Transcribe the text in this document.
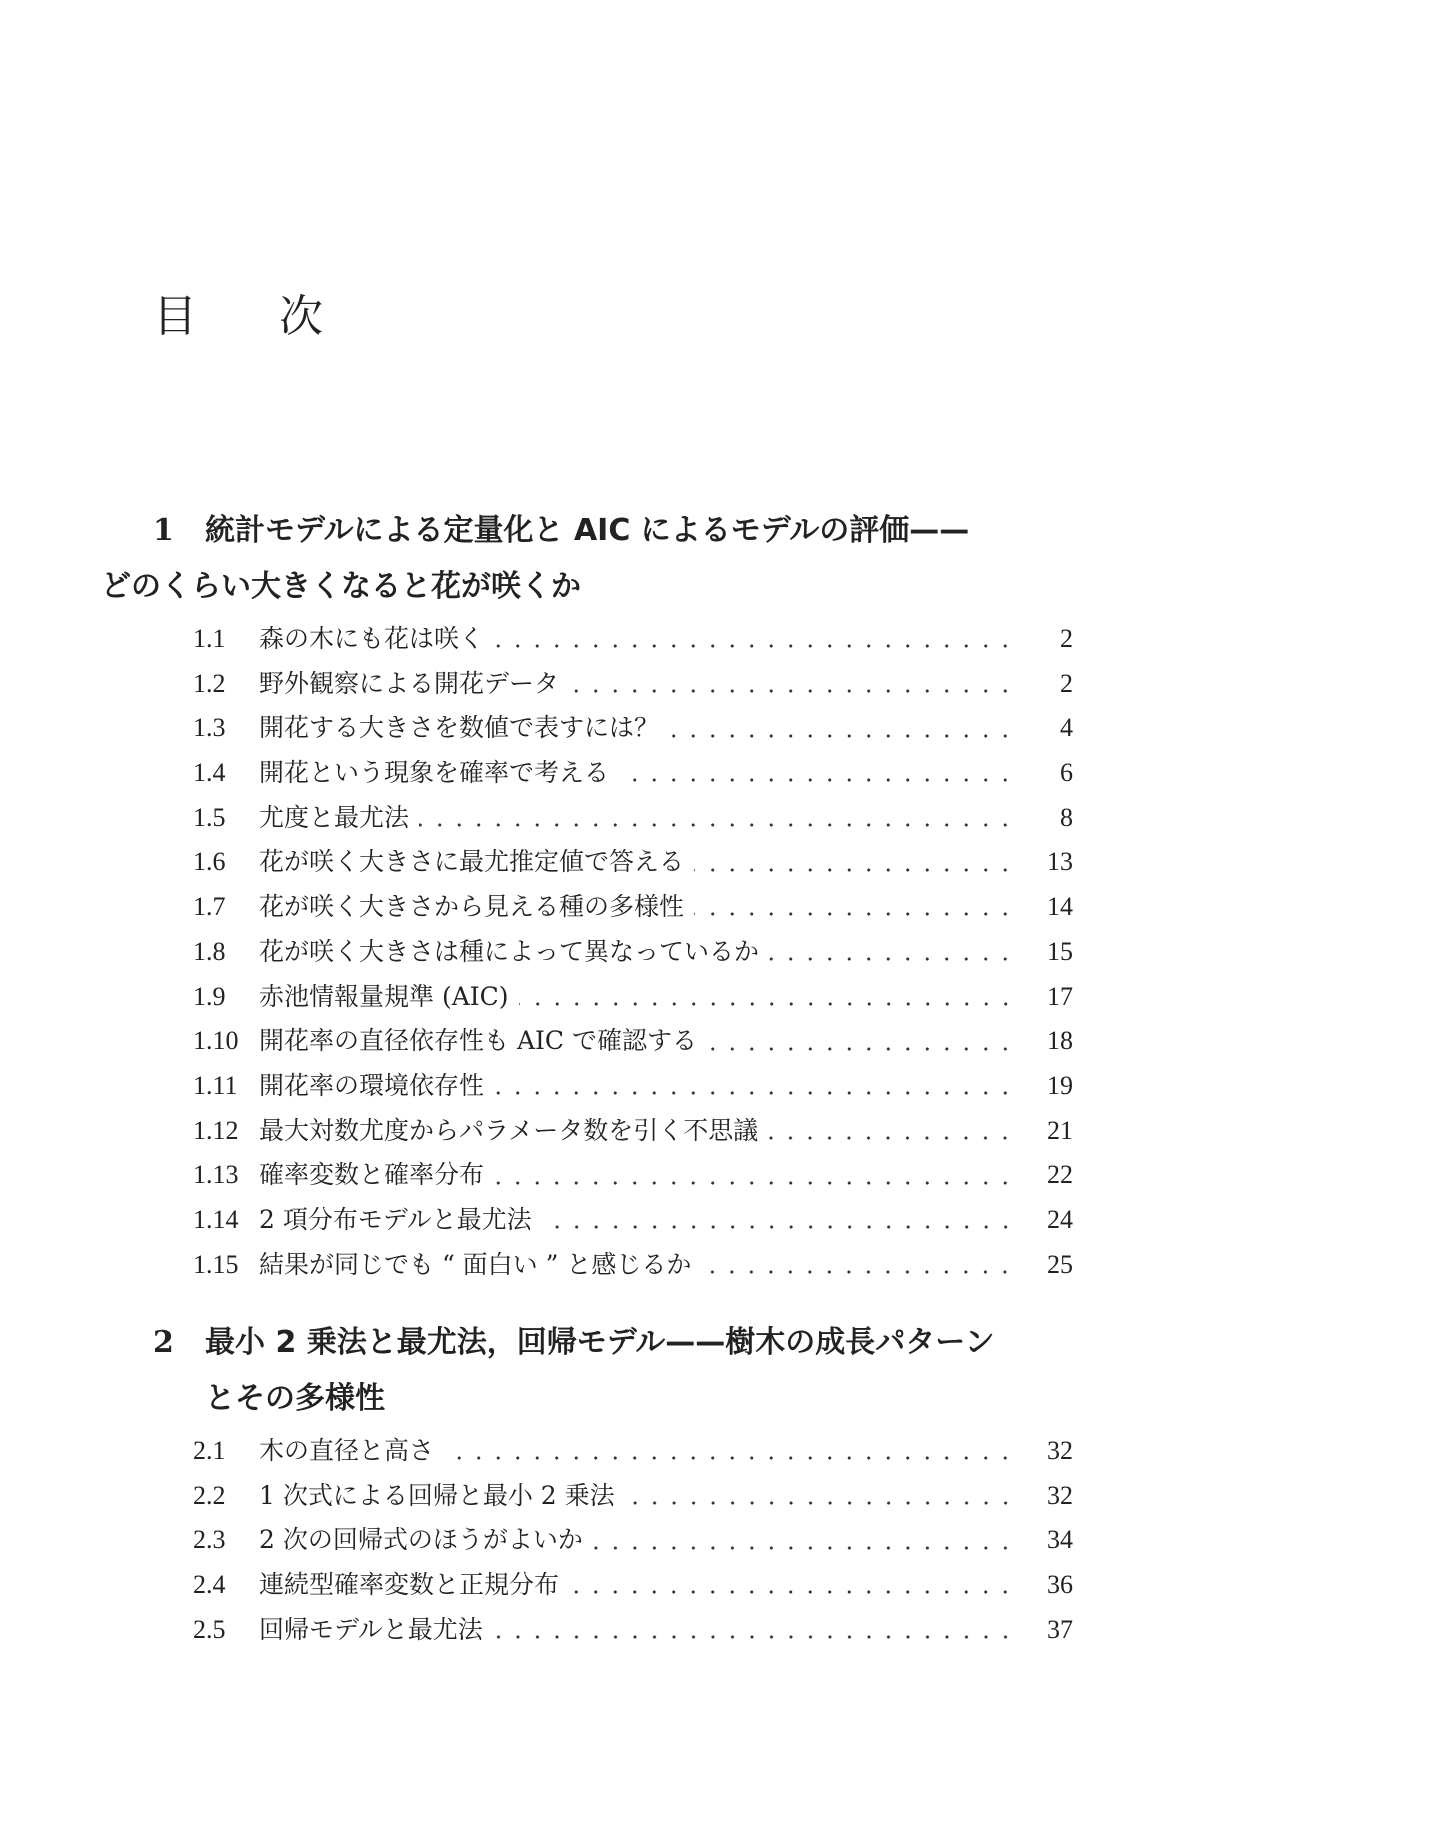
目 次
1 統計モデルによる定量化と AIC によるモデルの評価——
どのくらい大きくなると花が咲くか
1.1	森の木にも花は咲く	2
1.2	野外観察による開花データ	2
1.3	開花する大きさを数値で表すには？	4
1.4	開花という現象を確率で考える	6
1.5	尤度と最尤法	8
1.6	花が咲く大きさに最尤推定値で答える	13
1.7	花が咲く大きさから見える種の多様性	14
1.8	花が咲く大きさは種によって異なっているか	15
1.9	赤池情報量規準 (AIC)	17
1.10 開花率の直径依存性も AIC で確認する	18
1.11 開花率の環境依存性	19
1.12 最大対数尤度からパラメータ数を引く不思議	21
1.13 確率変数と確率分布	22
1.14 2 項分布モデルと最尤法	24
1.15 結果が同じでも “ 面白い ” と感じるか	25
2	最小 2 乗法と最尤法，回帰モデル——樹木の成長パターン
とその多様性
2.1	木の直径と高さ	32
2.2	1 次式による回帰と最小 2 乗法	32
2.3	2 次の回帰式のほうがよいか	34
2.4	連続型確率変数と正規分布	36
2.5	回帰モデルと最尤法	37
